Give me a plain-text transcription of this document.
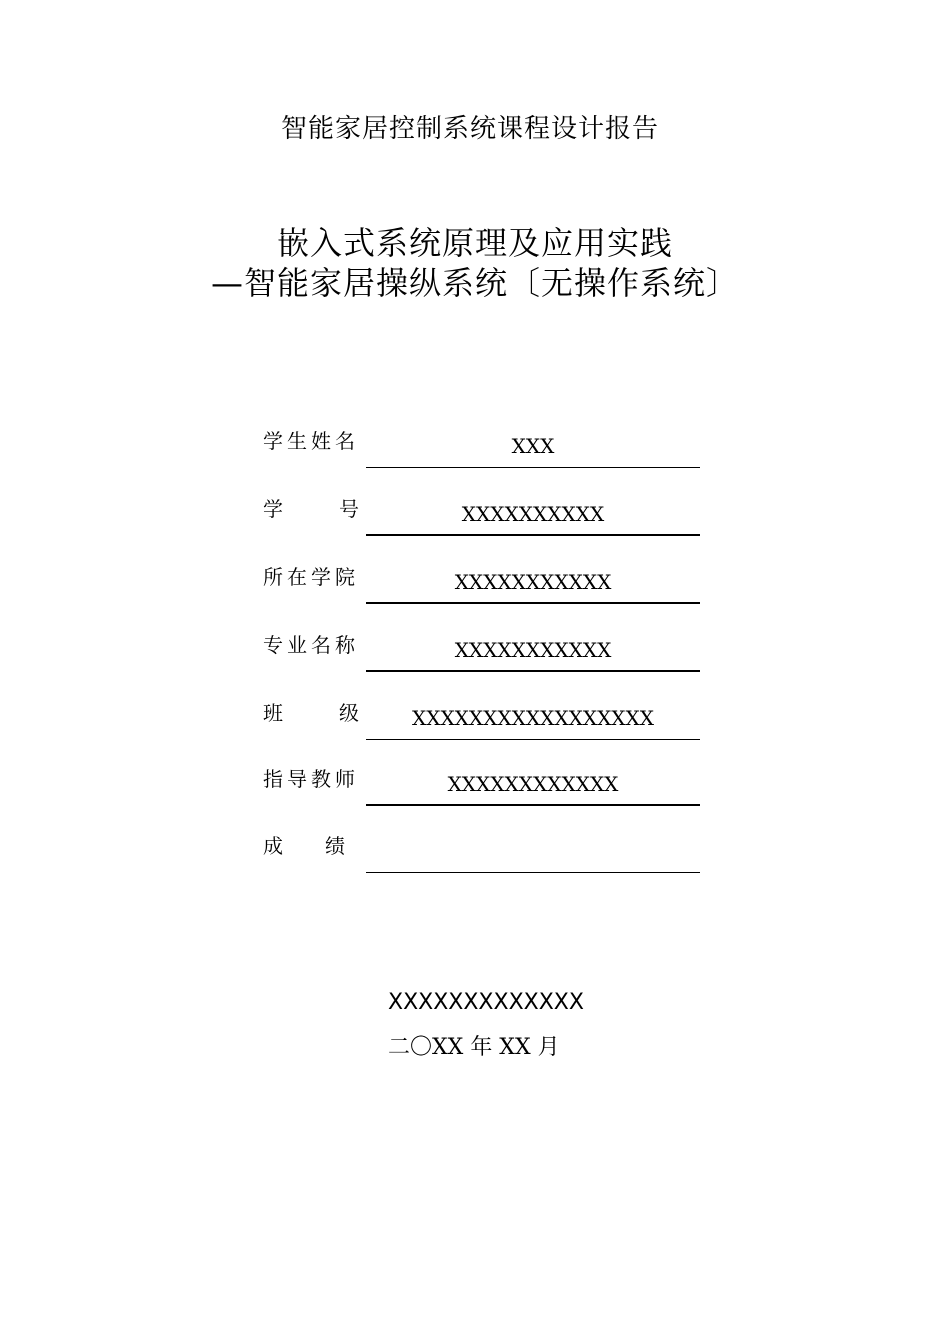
智能家居控制系统课程设计报告
嵌入式系统原理及应用实践
—智能家居操纵系统〔无操作系统〕
学生姓名	XXX
学	号	XXXXXXXXXX
所在学院	XXXXXXXXXXX
专业名称	XXXXXXXXXXX
班	级	XXXXXXXXXXXXXXXXX
指导教师	XXXXXXXXXXXX
成 绩
XXXXXXXXXXXXX
二〇XX 年 XX 月
